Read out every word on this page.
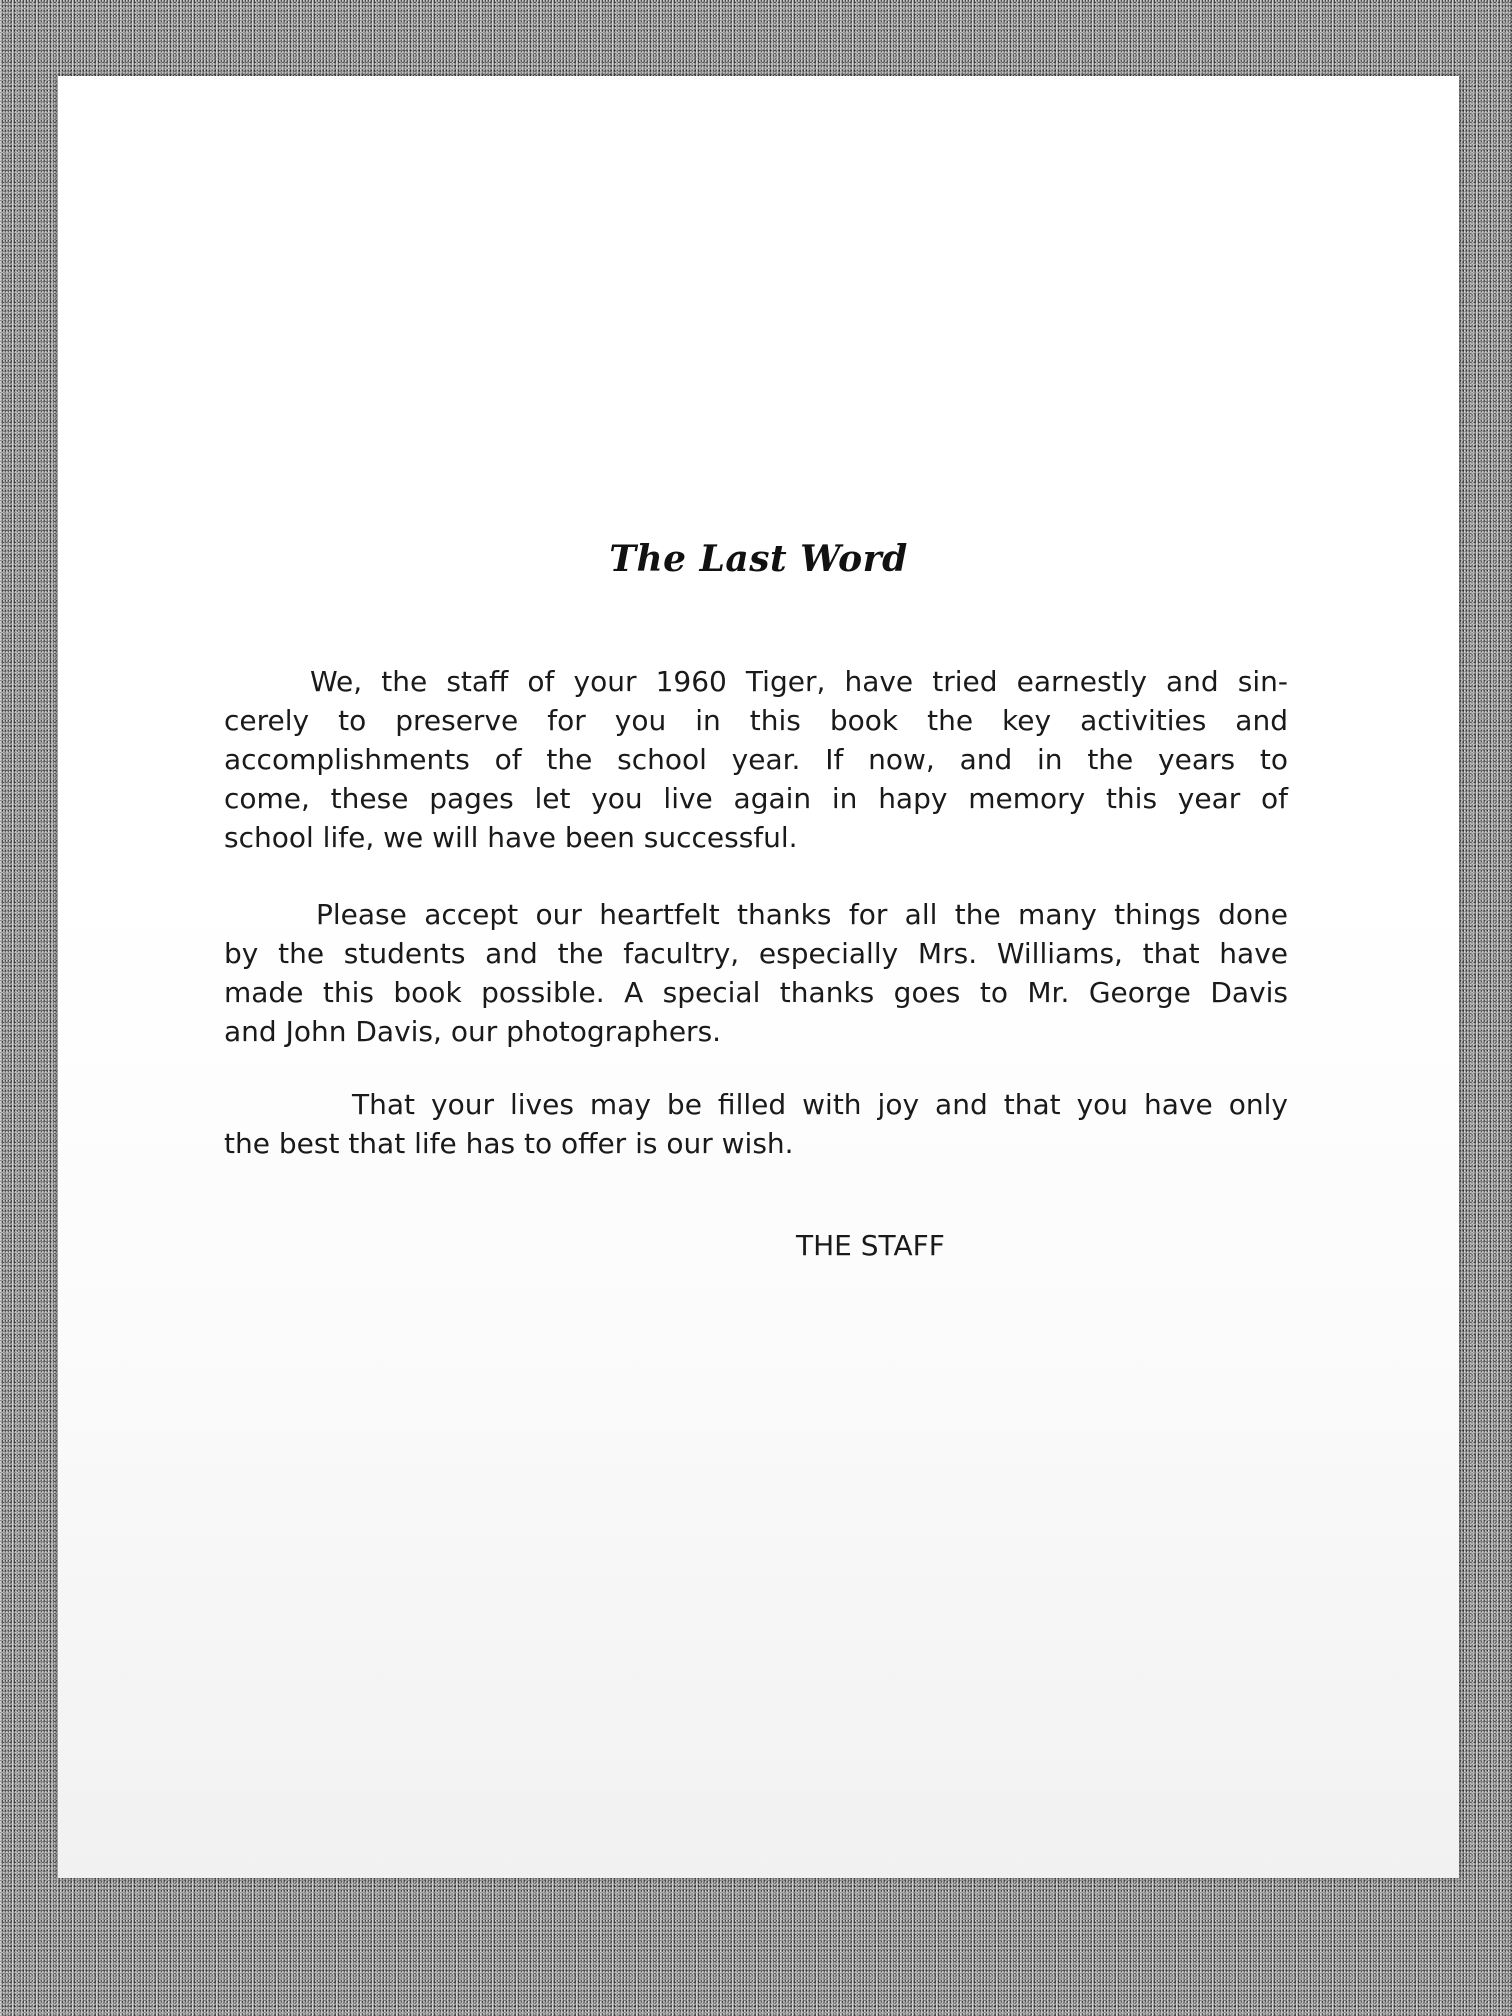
The Last Word
We, the staff of your 1960 Tiger, have tried earnestly and sin-
cerely to preserve for you in this book the key activities and
accomplishments of the school year. If now, and in the years to
come, these pages let you live again in hapy memory this year of
school life, we will have been successful.
Please accept our heartfelt thanks for all the many things done
by the students and the facultry, especially Mrs. Williams, that have
made this book possible. A special thanks goes to Mr. George Davis
and John Davis, our photographers.
That your lives may be filled with joy and that you have only
the best that life has to offer is our wish.
THE STAFF
